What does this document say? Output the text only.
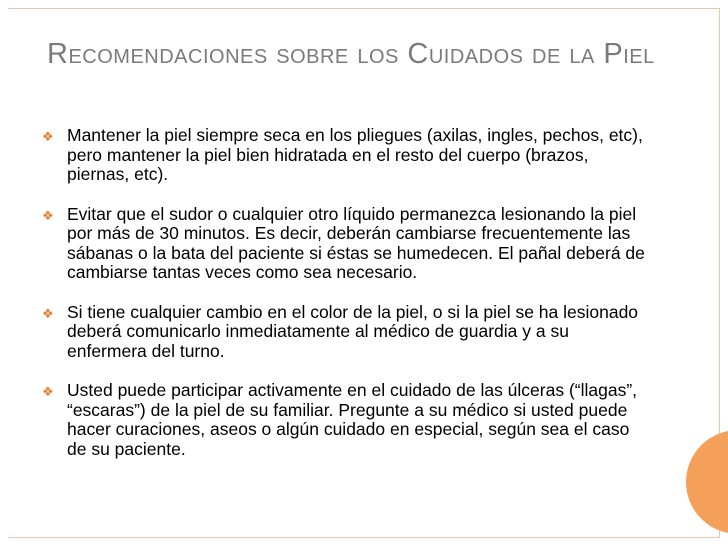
Recomendaciones sobre los Cuidados de la Piel
❖ Mantener la piel siempre seca en los pliegues (axilas, ingles, pechos, etc), pero mantener la piel bien hidratada en el resto del cuerpo (brazos, piernas, etc).
❖ Evitar que el sudor o cualquier otro líquido permanezca lesionando la piel por más de 30 minutos. Es decir, deberán cambiarse frecuentemente las sábanas o la bata del paciente si éstas se humedecen. El pañal deberá de cambiarse tantas veces como sea necesario.
❖ Si tiene cualquier cambio en el color de la piel, o si la piel se ha lesionado deberá comunicarlo inmediatamente al médico de guardia y a su enfermera del turno.
❖ Usted puede participar activamente en el cuidado de las úlceras (“llagas”, “escaras”) de la piel de su familiar. Pregunte a su médico si usted puede hacer curaciones, aseos o algún cuidado en especial, según sea el caso de su paciente.
